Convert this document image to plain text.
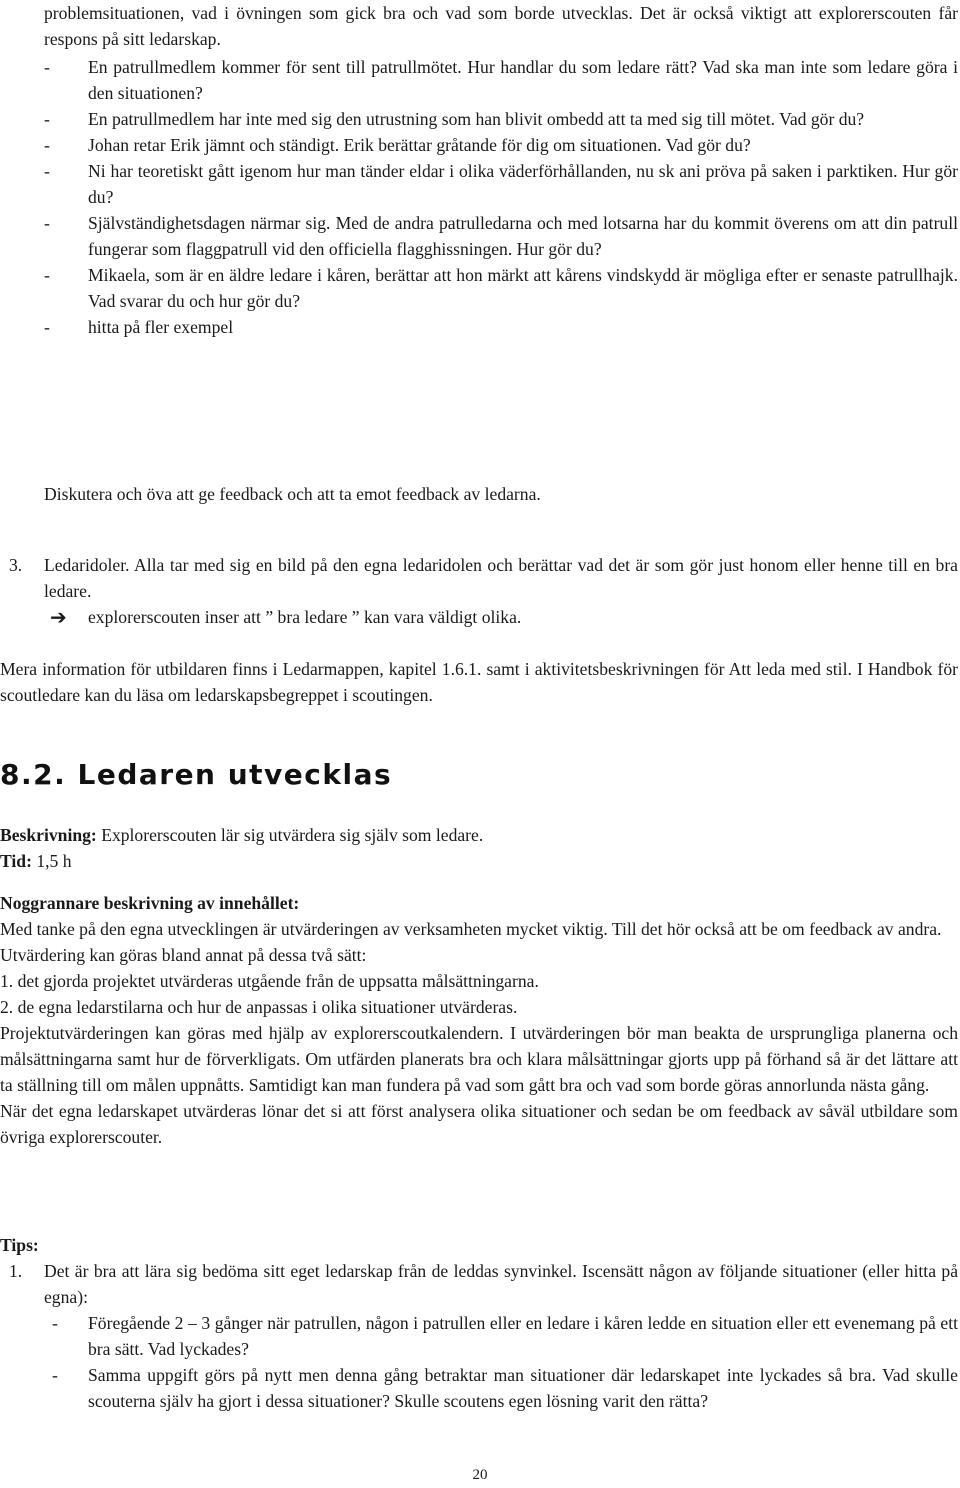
problemsituationen, vad i övningen som gick bra och vad som borde utvecklas. Det är också viktigt att explorerscouten får respons på sitt ledarskap.

- En patrullmedlem kommer för sent till patrullmötet. Hur handlar du som ledare rätt? Vad ska man inte som ledare göra i den situationen?

- En patrullmedlem har inte med sig den utrustning som han blivit ombedd att ta med sig till mötet. Vad gör du?

- Johan retar Erik jämnt och ständigt. Erik berättar gråtande för dig om situationen. Vad gör du?

- Ni har teoretiskt gått igenom hur man tänder eldar i olika väderförhållanden, nu sk ani pröva på saken i parktiken. Hur gör du?

- Självständighetsdagen närmar sig. Med de andra patrulledarna och med lotsarna har du kommit överens om att din patrull fungerar som flaggpatrull vid den officiella flagghissningen. Hur gör du?

- Mikaela, som är en äldre ledare i kåren, berättar att hon märkt att kårens vindskydd är mögliga efter er senaste patrullhajk. Vad svarar du och hur gör du?

- hitta på fler exempel

Diskutera och öva att ge feedback och att ta emot feedback av ledarna.

3. Ledaridoler. Alla tar med sig en bild på den egna ledaridolen och berättar vad det är som gör just honom eller henne till en bra ledare.

➔ explorerscouten inser att ” bra ledare ” kan vara väldigt olika.

Mera information för utbildaren finns i Ledarmappen, kapitel 1.6.1. samt i aktivitetsbeskrivningen för Att leda med stil. I Handbok för scoutledare kan du läsa om ledarskapsbegreppet i scoutingen.

8.2. Ledaren utvecklas

Beskrivning: Explorerscouten lär sig utvärdera sig själv som ledare.

Tid: 1,5 h

Noggrannare beskrivning av innehållet:

Med tanke på den egna utvecklingen är utvärderingen av verksamheten mycket viktig. Till det hör också att be om feedback av andra.

Utvärdering kan göras bland annat på dessa två sätt:

1. det gjorda projektet utvärderas utgående från de uppsatta målsättningarna.

2. de egna ledarstilarna och hur de anpassas i olika situationer utvärderas.

Projektutvärderingen kan göras med hjälp av explorerscoutkalendern. I utvärderingen bör man beakta de ursprungliga planerna och målsättningarna samt hur de förverkligats. Om utfärden planerats bra och klara målsättningar gjorts upp på förhand så är det lättare att ta ställning till om målen uppnåtts. Samtidigt kan man fundera på vad som gått bra och vad som borde göras annorlunda nästa gång.

När det egna ledarskapet utvärderas lönar det si att först analysera olika situationer och sedan be om feedback av såväl utbildare som övriga explorerscouter.

Tips:

1. Det är bra att lära sig bedöma sitt eget ledarskap från de leddas synvinkel. Iscensätt någon av följande situationer (eller hitta på egna):

- Föregående 2 – 3 gånger när patrullen, någon i patrullen eller en ledare i kåren ledde en situation eller ett evenemang på ett bra sätt. Vad lyckades?

- Samma uppgift görs på nytt men denna gång betraktar man situationer där ledarskapet inte lyckades så bra. Vad skulle scouterna själv ha gjort i dessa situationer? Skulle scoutens egen lösning varit den rätta?

20
